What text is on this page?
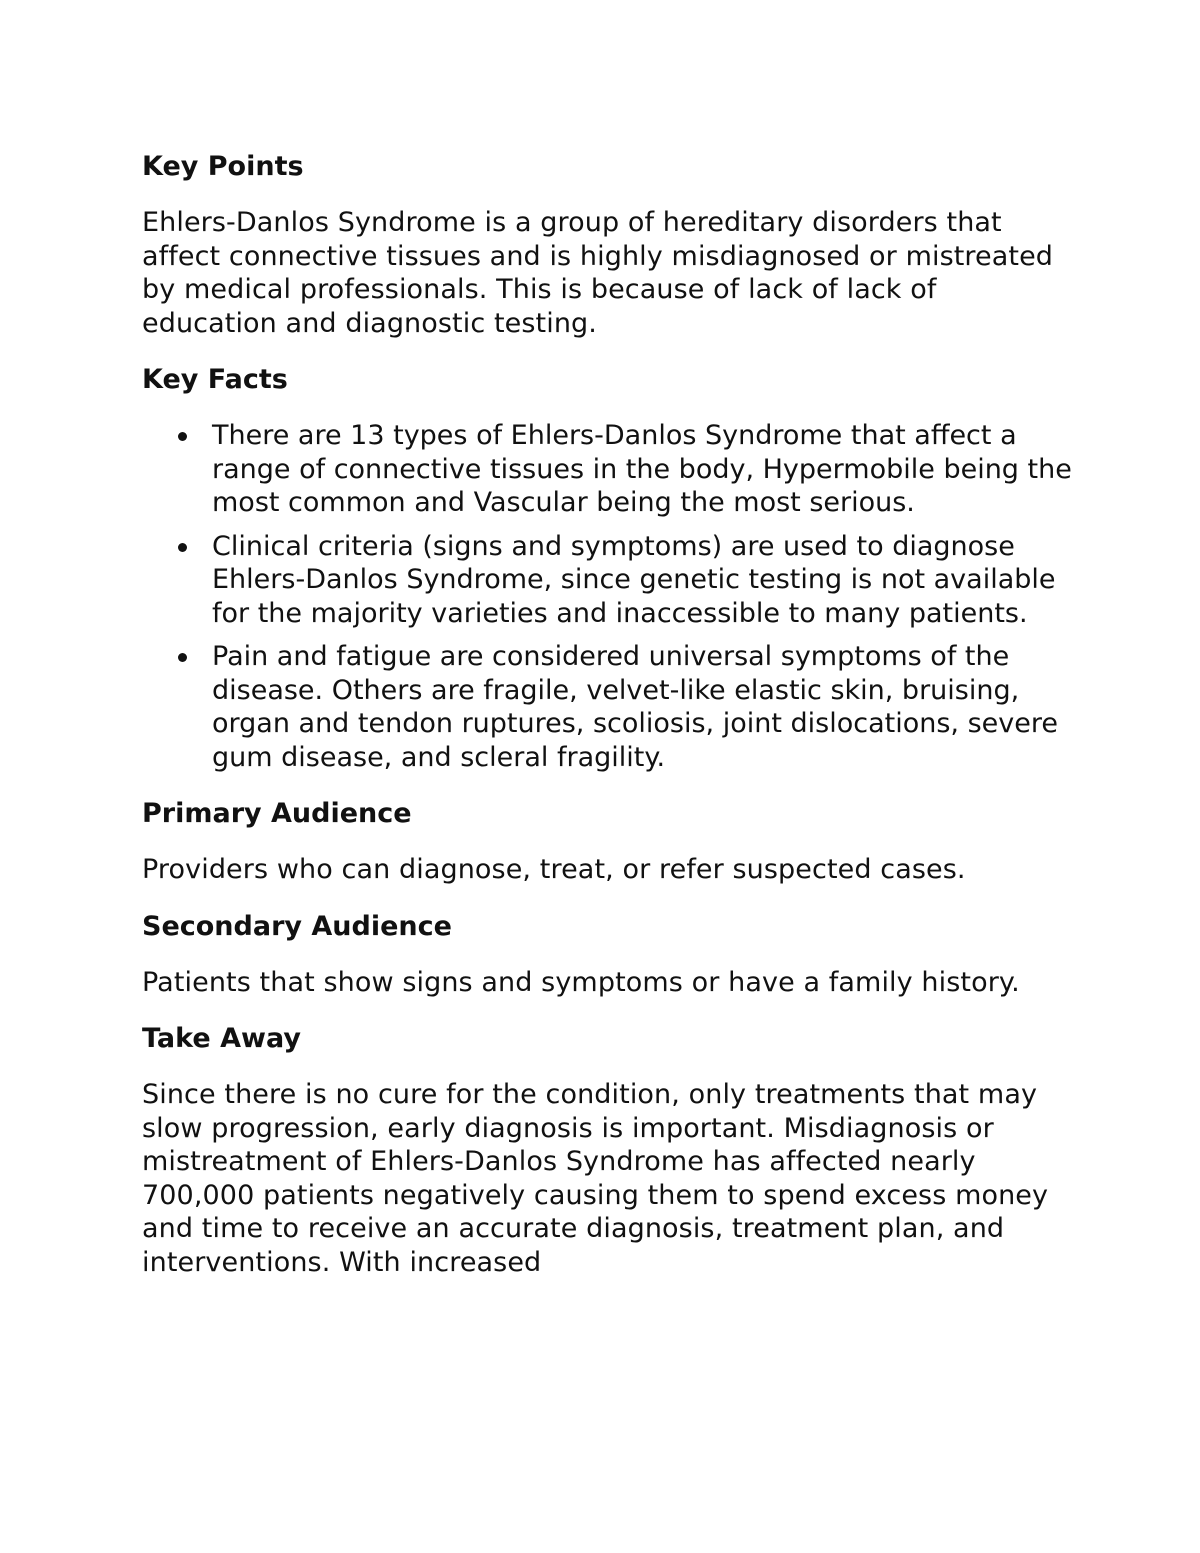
Key Points

Ehlers-Danlos Syndrome is a group of hereditary disorders that affect connective tissues and is highly misdiagnosed or mistreated by medical professionals. This is because of lack of lack of education and diagnostic testing.

Key Facts
There are 13 types of Ehlers-Danlos Syndrome that affect a range of connective tissues in the body, Hypermobile being the most common and Vascular being the most serious.
Clinical criteria (signs and symptoms) are used to diagnose Ehlers-Danlos Syndrome, since genetic testing is not available for the majority varieties and inaccessible to many patients.
Pain and fatigue are considered universal symptoms of the disease. Others are fragile, velvet-like elastic skin, bruising, organ and tendon ruptures, scoliosis, joint dislocations, severe gum disease, and scleral fragility.
Primary Audience

Providers who can diagnose, treat, or refer suspected cases.

Secondary Audience

Patients that show signs and symptoms or have a family history.

Take Away

Since there is no cure for the condition, only treatments that may slow progression, early diagnosis is important. Misdiagnosis or mistreatment of Ehlers-Danlos Syndrome has affected nearly 700,000 patients negatively causing them to spend excess money and time to receive an accurate diagnosis, treatment plan, and interventions. With increased
